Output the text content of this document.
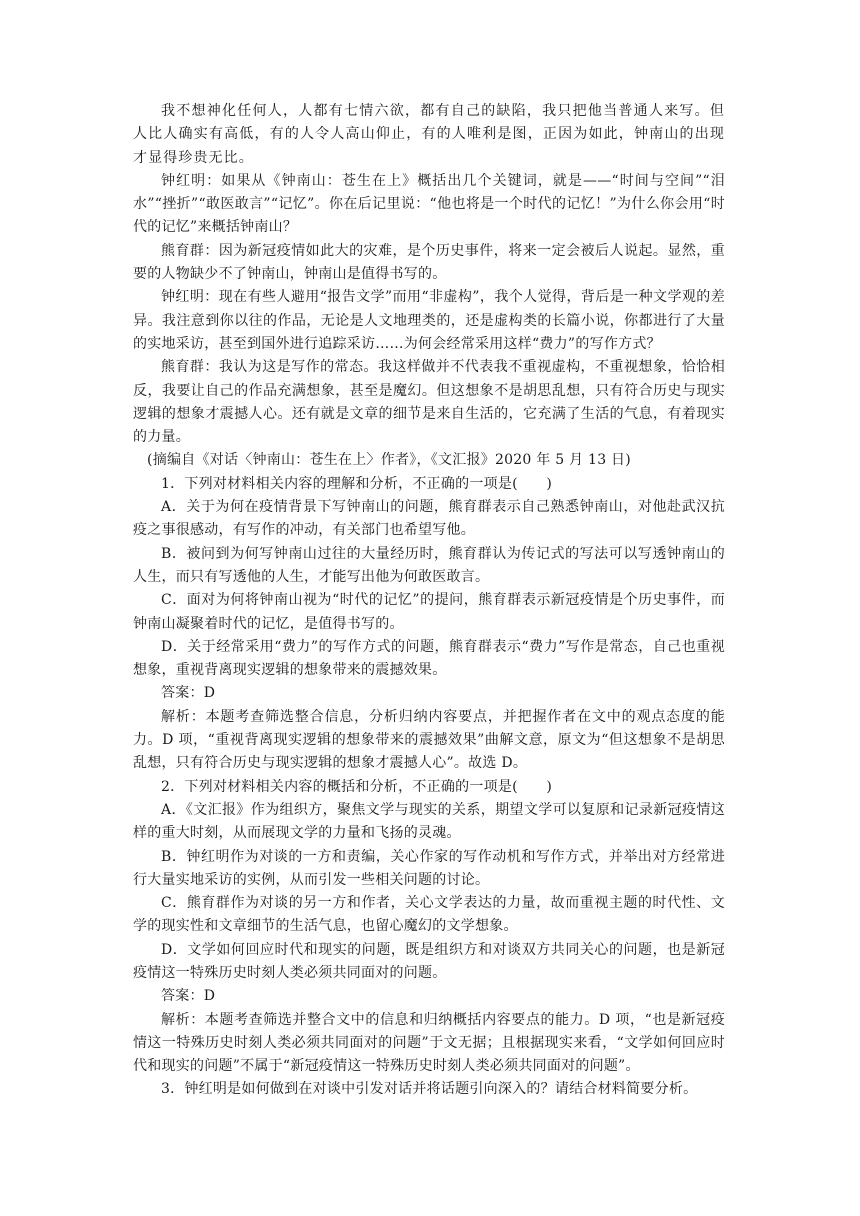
我不想神化任何人，人都有七情六欲，都有自己的缺陷，我只把他当普通人来写。但人比人确实有高低，有的人令人高山仰止，有的人唯利是图，正因为如此，钟南山的出现才显得珍贵无比。

钟红明：如果从《钟南山：苍生在上》概括出几个关键词，就是——“时间与空间”“泪水”“挫折”“敢医敢言”“记忆”。你在后记里说：“他也将是一个时代的记忆！”为什么你会用“时代的记忆”来概括钟南山？

熊育群：因为新冠疫情如此大的灾难，是个历史事件，将来一定会被后人说起。显然，重要的人物缺少不了钟南山，钟南山是值得书写的。

钟红明：现在有些人避用“报告文学”而用“非虚构”，我个人觉得，背后是一种文学观的差异。我注意到你以往的作品，无论是人文地理类的，还是虚构类的长篇小说，你都进行了大量的实地采访，甚至到国外进行追踪采访……为何会经常采用这样“费力”的写作方式？

熊育群：我认为这是写作的常态。我这样做并不代表我不重视虚构，不重视想象，恰恰相反，我要让自己的作品充满想象，甚至是魔幻。但这想象不是胡思乱想，只有符合历史与现实逻辑的想象才震撼人心。还有就是文章的细节是来自生活的，它充满了生活的气息，有着现实的力量。

(摘编自《对话〈钟南山：苍生在上〉作者》，《文汇报》2020 年 5 月 13 日)

1．下列对材料相关内容的理解和分析，不正确的一项是(　　)

A．关于为何在疫情背景下写钟南山的问题，熊育群表示自己熟悉钟南山，对他赴武汉抗疫之事很感动，有写作的冲动，有关部门也希望写他。

B．被问到为何写钟南山过往的大量经历时，熊育群认为传记式的写法可以写透钟南山的人生，而只有写透他的人生，才能写出他为何敢医敢言。

C．面对为何将钟南山视为“时代的记忆”的提问，熊育群表示新冠疫情是个历史事件，而钟南山凝聚着时代的记忆，是值得书写的。

D．关于经常采用“费力”的写作方式的问题，熊育群表示“费力”写作是常态，自己也重视想象，重视背离现实逻辑的想象带来的震撼效果。

答案：D

解析：本题考查筛选整合信息，分析归纳内容要点，并把握作者在文中的观点态度的能力。D 项，“重视背离现实逻辑的想象带来的震撼效果”曲解文意，原文为“但这想象不是胡思乱想，只有符合历史与现实逻辑的想象才震撼人心”。故选 D。

2．下列对材料相关内容的概括和分析，不正确的一项是(　　)

A．《文汇报》作为组织方，聚焦文学与现实的关系，期望文学可以复原和记录新冠疫情这样的重大时刻，从而展现文学的力量和飞扬的灵魂。

B．钟红明作为对谈的一方和责编，关心作家的写作动机和写作方式，并举出对方经常进行大量实地采访的实例，从而引发一些相关问题的讨论。

C．熊育群作为对谈的另一方和作者，关心文学表达的力量，故而重视主题的时代性、文学的现实性和文章细节的生活气息，也留心魔幻的文学想象。

D．文学如何回应时代和现实的问题，既是组织方和对谈双方共同关心的问题，也是新冠疫情这一特殊历史时刻人类必须共同面对的问题。

答案：D

解析：本题考查筛选并整合文中的信息和归纳概括内容要点的能力。D 项，“也是新冠疫情这一特殊历史时刻人类必须共同面对的问题”于文无据；且根据现实来看，“文学如何回应时代和现实的问题”不属于“新冠疫情这一特殊历史时刻人类必须共同面对的问题”。

3．钟红明是如何做到在对谈中引发对话并将话题引向深入的？请结合材料简要分析。
